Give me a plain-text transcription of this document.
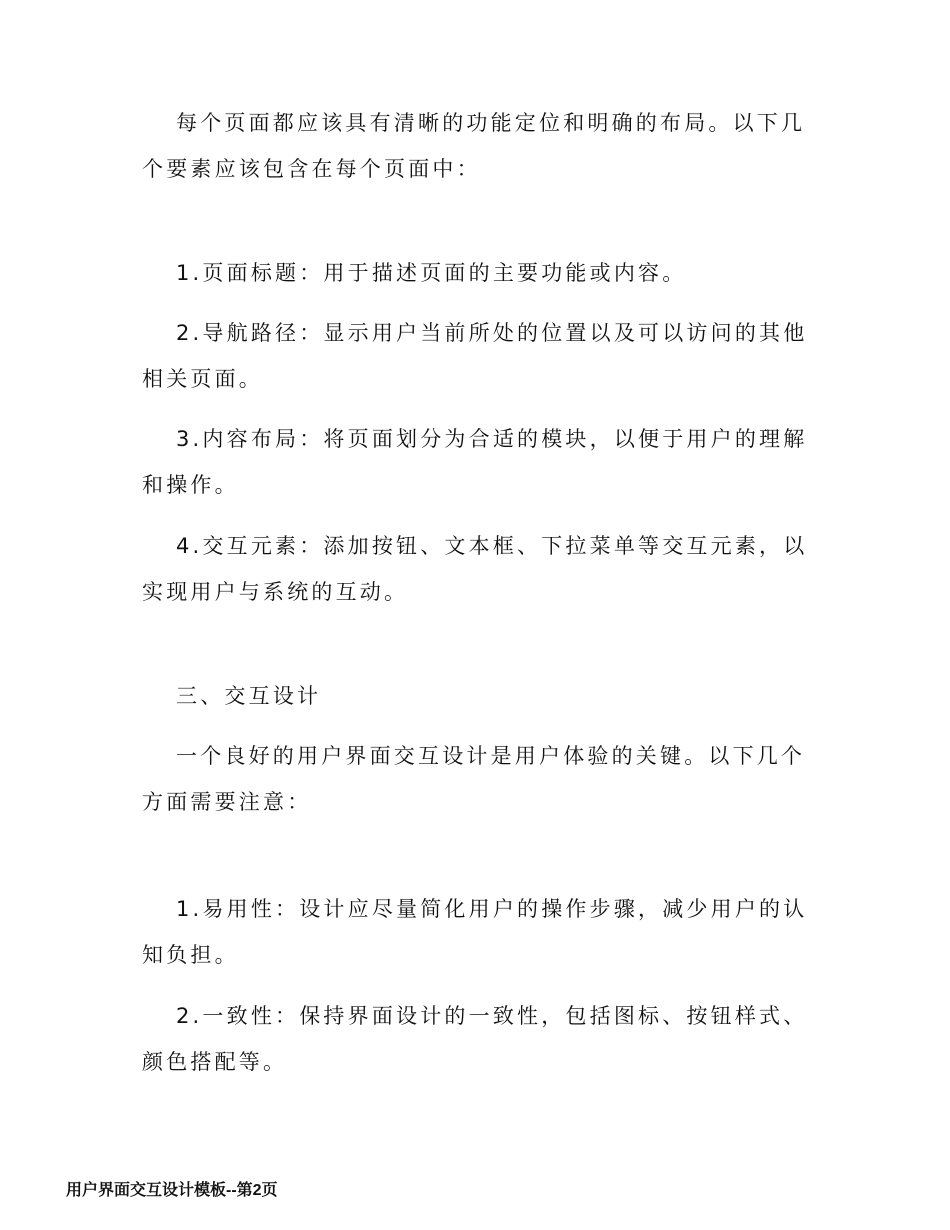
每个页面都应该具有清晰的功能定位和明确的布局。以下几个要素应该包含在每个页面中：

1.页面标题：用于描述页面的主要功能或内容。

2.导航路径：显示用户当前所处的位置以及可以访问的其他相关页面。

3.内容布局：将页面划分为合适的模块，以便于用户的理解和操作。

4.交互元素：添加按钮、文本框、下拉菜单等交互元素，以实现用户与系统的互动。

三、交互设计

一个良好的用户界面交互设计是用户体验的关键。以下几个方面需要注意：

1.易用性：设计应尽量简化用户的操作步骤，减少用户的认知负担。

2.一致性：保持界面设计的一致性，包括图标、按钮样式、颜色搭配等。

用户界面交互设计模板--第2页
